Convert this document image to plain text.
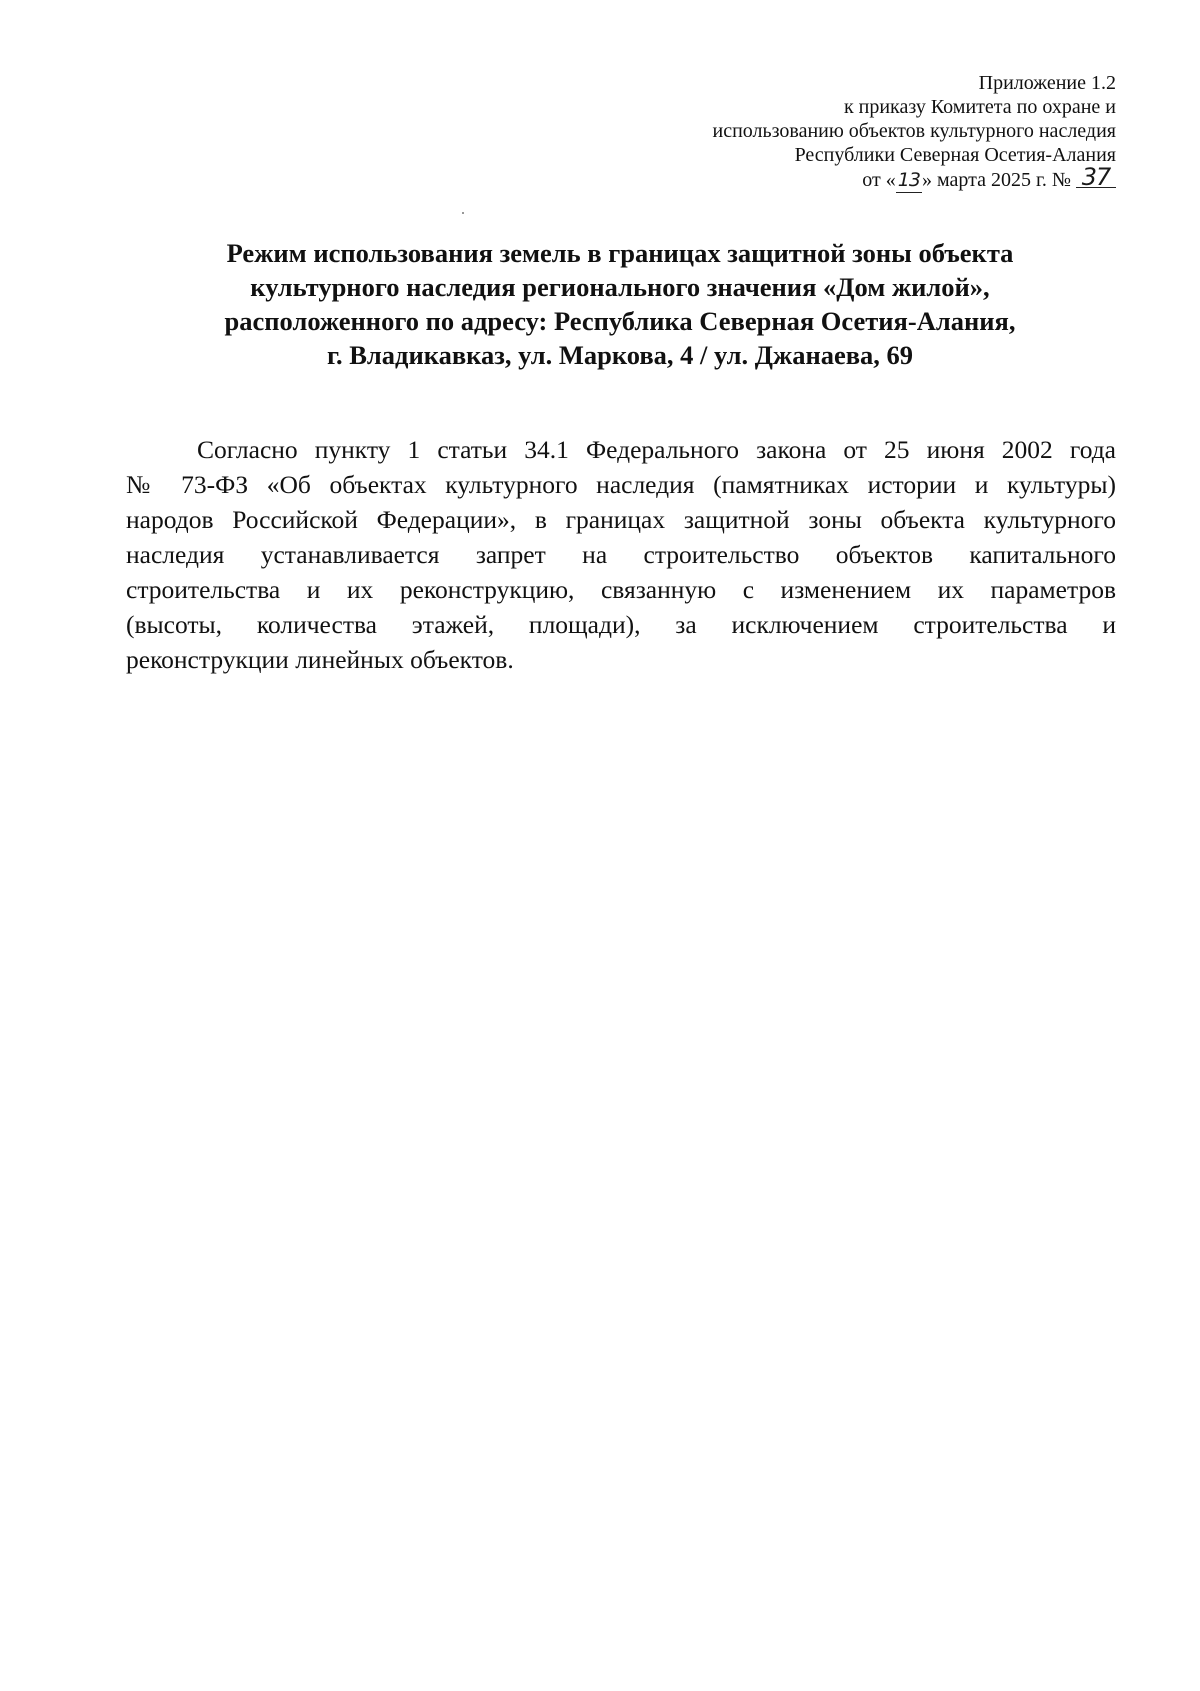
Приложение 1.2
к приказу Комитета по охране и
использованию объектов культурного наследия
Республики Северная Осетия-Алания
от « 13 » марта 2025 г. № 37
Режим использования земель в границах защитной зоны объекта
культурного наследия регионального значения «Дом жилой»,
расположенного по адресу: Республика Северная Осетия-Алания,
г. Владикавказ, ул. Маркова, 4 / ул. Джанаева, 69
Согласно пункту 1 статьи 34.1 Федерального закона от 25 июня 2002 года
№ 73-ФЗ «Об объектах культурного наследия (памятниках истории и культуры)
народов Российской Федерации», в границах защитной зоны объекта культурного
наследия устанавливается запрет на строительство объектов капитального
строительства и их реконструкцию, связанную с изменением их параметров
(высоты, количества этажей, площади), за исключением строительства и
реконструкции линейных объектов.
